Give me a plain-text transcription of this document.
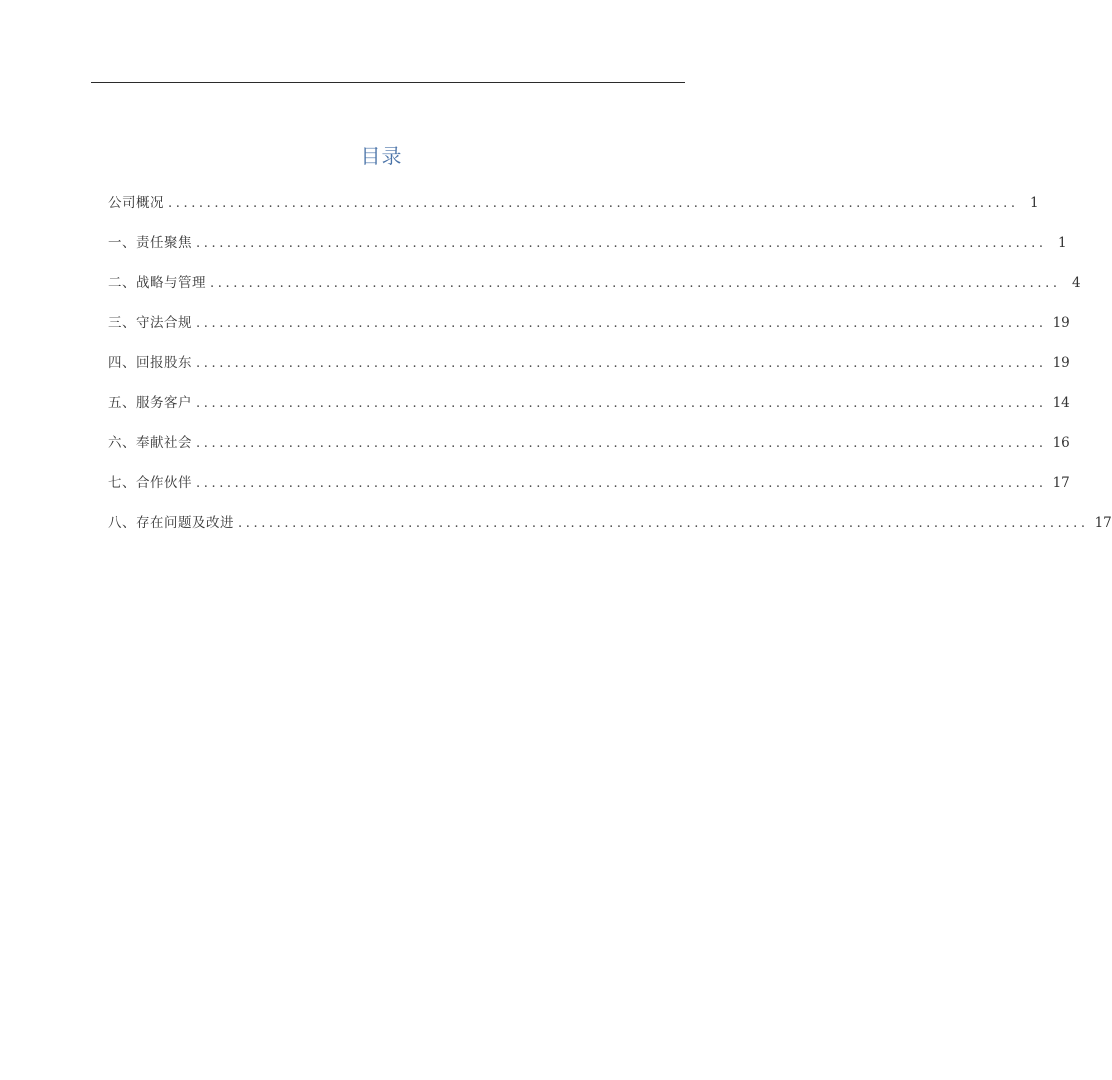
目录
公司概况 .............................................................................................................. 1
一、责任聚焦 .............................................................................................................. 1
二、战略与管理 .............................................................................................................. 4
三、守法合规 .............................................................................................................. 19
四、回报股东 .............................................................................................................. 19
五、服务客户 .............................................................................................................. 14
六、奉献社会 .............................................................................................................. 16
七、合作伙伴 .............................................................................................................. 17
八、存在问题及改进 .............................................................................................................. 17
